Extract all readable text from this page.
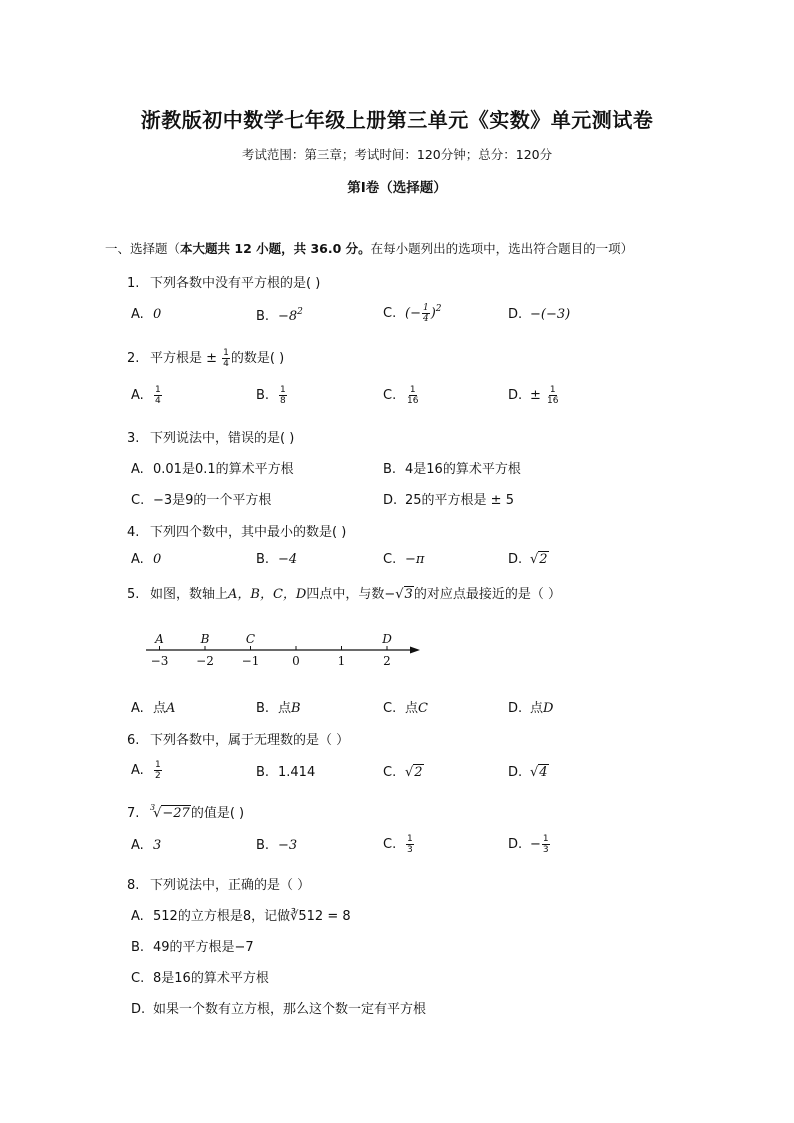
浙教版初中数学七年级上册第三单元《实数》单元测试卷
考试范围：第三章；考试时间：120分钟；总分：120分
第Ⅰ卷（选择题）
一、选择题（本大题共 12 小题，共 36.0 分。在每小题列出的选项中，选出符合题目的一项）
1. 下列各数中没有平方根的是( )
A. 0	B. $-8^2$	C. (− $\frac{1}{4} )^2$	D. −(−3)
2. 平方根是 ± $\frac{1}{4}$ 的数是( )
A. $\frac{1}{4}$	B. $\frac{1}{8}$	C. $\frac{1}{16}$	D. ± $\frac{1}{16}$
3. 下列说法中，错误的是( )
A. 0.01是0.1的算术平方根	B. 4是16的算术平方根
C. −3是9的一个平方根	D. 25的平方根是 ± 5
4. 下列四个数中，其中最小的数是( )
A. 0	B. −4	C. −π	D. √2
5. 如图，数轴上A，B，C，D四点中，与数−√3的对应点最接近的是（ ）
−3 −2 −1	0	1	2
A	B	C	D
A. 点A	B. 点B	C. 点C	D. 点D
6. 下列各数中，属于无理数的是（ ）
A. $\frac{1}{2}$	B. 1.414	C. √2	D. √4
7. $^3$√−27的值是( )
A. 3	B. −3	C. $\frac{1}{3}$	D. − $\frac{1}{3}$
8. 下列说法中，正确的是（ ）
A. 512的立方根是8，记做∛512 = 8
B. 49的平方根是−7
C. 8是16的算术平方根
D. 如果一个数有立方根，那么这个数一定有平方根
